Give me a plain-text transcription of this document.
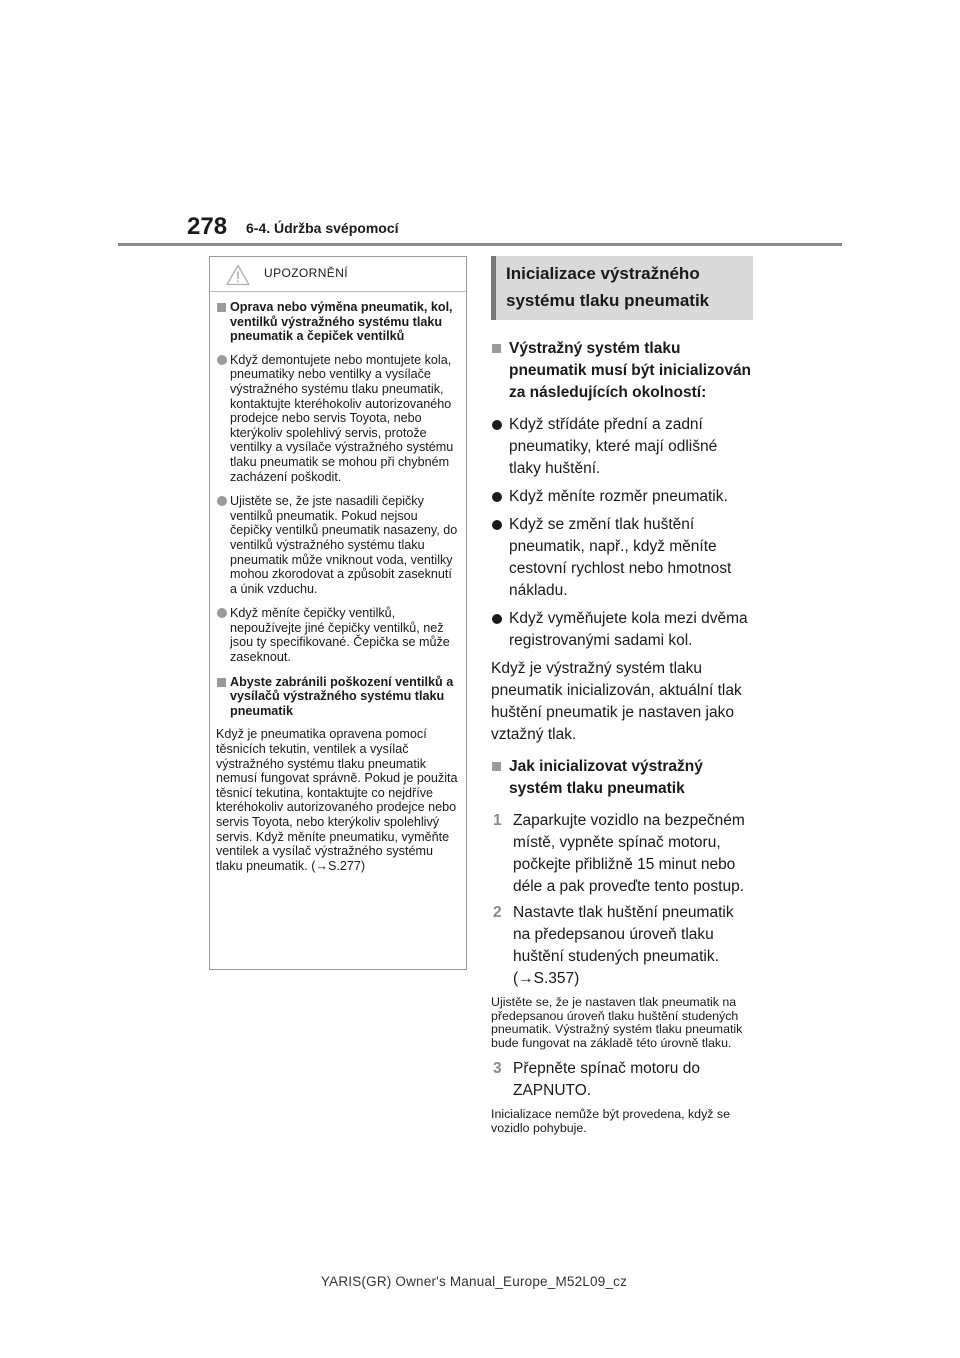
278 6-4. Údržba svépomocí
UPOZORNĚNÍ
Oprava nebo výměna pneumatik, kol, ventilků výstražného systému tlaku pneumatik a čepiček ventilků
Když demontujete nebo montujete kola, pneumatiky nebo ventilky a vysílače výstražného systému tlaku pneumatik, kontaktujte kteréhokoliv autorizovaného prodejce nebo servis Toyota, nebo kterýkoliv spolehlivý servis, protože ventilky a vysílače výstražného systému tlaku pneumatik se mohou při chybném zacházení poškodit.
Ujistěte se, že jste nasadili čepičky ventilků pneumatik. Pokud nejsou čepičky ventilků pneumatik nasazeny, do ventilků výstražného systému tlaku pneumatik může vniknout voda, ventilky mohou zkorodovat a způsobit zaseknutí a únik vzduchu.
Když měníte čepičky ventilků, nepoužívejte jiné čepičky ventilků, než jsou ty specifikované. Čepička se může zaseknout.
Abyste zabránili poškození ventilků a vysílačů výstražného systému tlaku pneumatik
Když je pneumatika opravena pomocí těsnicích tekutin, ventilek a vysílač výstražného systému tlaku pneumatik nemusí fungovat správně. Pokud je použita těsnicí tekutina, kontaktujte co nejdříve kteréhokoliv autorizovaného prodejce nebo servis Toyota, nebo kterýkoliv spolehlivý servis. Když měníte pneumatiku, vyměňte ventilek a vysílač výstražného systému tlaku pneumatik. (→S.277)
Inicializace výstražného systému tlaku pneumatik
Výstražný systém tlaku pneumatik musí být inicializován za následujících okolností:
Když střídáte přední a zadní pneumatiky, které mají odlišné tlaky huštění.
Když měníte rozměr pneumatik.
Když se změní tlak huštění pneumatik, např., když měníte cestovní rychlost nebo hmotnost nákladu.
Když vyměňujete kola mezi dvěma registrovanými sadami kol.
Když je výstražný systém tlaku pneumatik inicializován, aktuální tlak huštění pneumatik je nastaven jako vztažný tlak.
Jak inicializovat výstražný systém tlaku pneumatik
1 Zaparkujte vozidlo na bezpečném místě, vypněte spínač motoru, počkejte přibližně 15 minut nebo déle a pak proveďte tento postup.
2 Nastavte tlak huštění pneumatik na předepsanou úroveň tlaku huštění studených pneumatik. (→S.357)
Ujistěte se, že je nastaven tlak pneumatik na předepsanou úroveň tlaku huštění studených pneumatik. Výstražný systém tlaku pneumatik bude fungovat na základě této úrovně tlaku.
3 Přepněte spínač motoru do ZAPNUTO.
Inicializace nemůže být provedena, když se vozidlo pohybuje.
YARIS(GR) Owner's Manual_Europe_M52L09_cz
